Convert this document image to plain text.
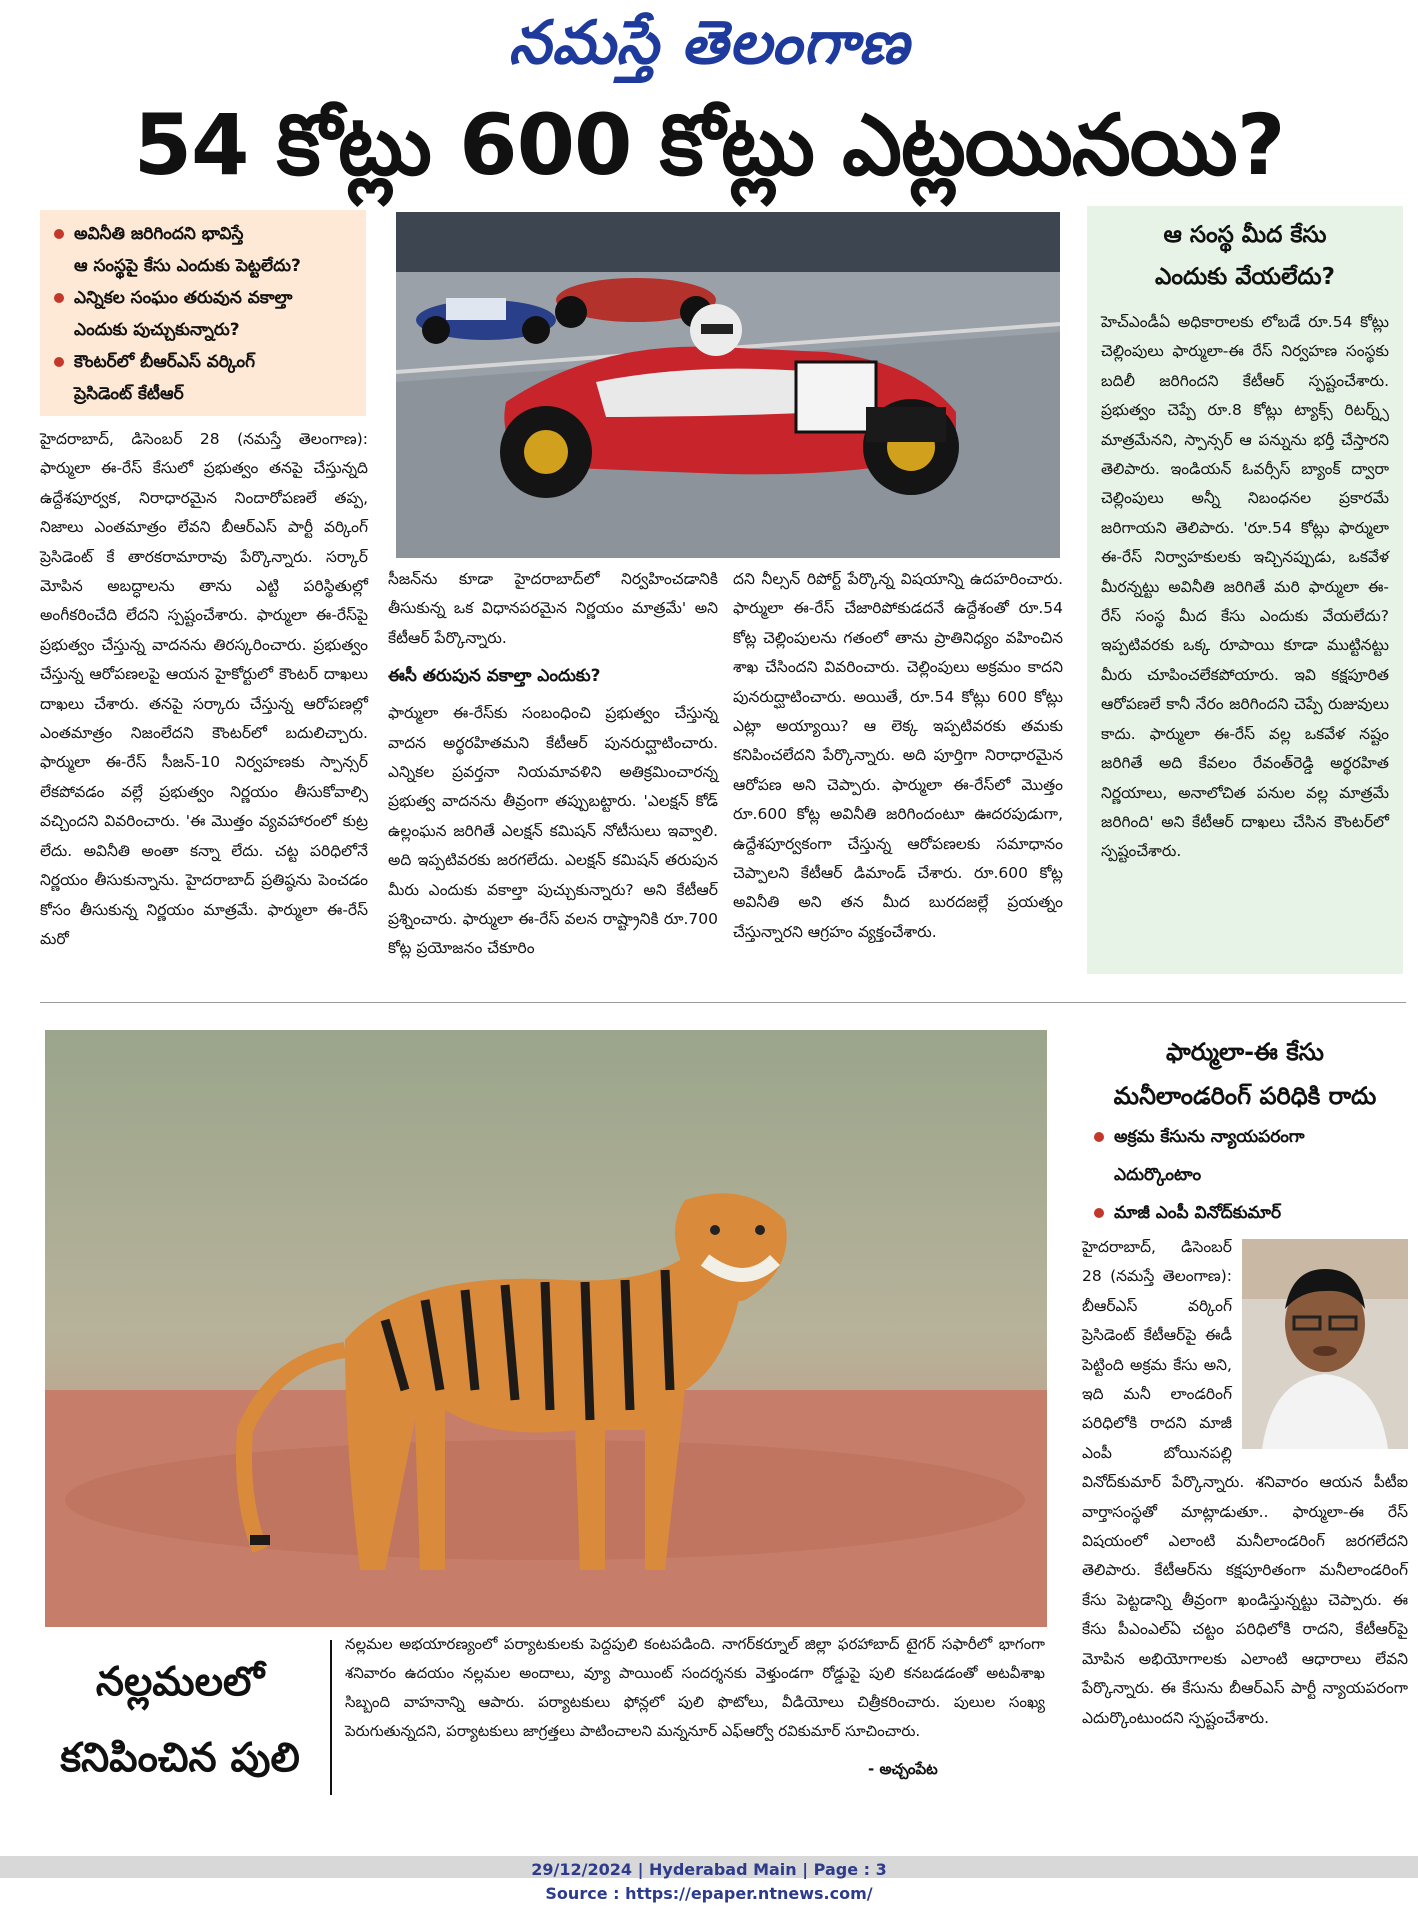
నమస్తే తెలంగాణ
54 కోట్లు 600 కోట్లు ఎట్లయినయి?
అవినీతి జరిగిందని భావిస్తే
ఆ సంస్థపై కేసు ఎందుకు పెట్టలేదు?
ఎన్నికల సంఘం తరువున వకాల్తా
ఎందుకు పుచ్చుకున్నారు?
కౌంటర్‌లో బీఆర్‌ఎస్ వర్కింగ్
ప్రెసిడెంట్ కేటీఆర్

హైదరాబాద్, డిసెంబర్ 28 (నమస్తే తెలంగాణ): ఫార్ములా ఈ-రేస్ కేసులో ప్రభుత్వం తనపై చేస్తున్నది ఉద్దేశపూర్వక, నిరాధారమైన నిందారోపణలే తప్ప, నిజాలు ఎంతమాత్రం లేవని బీఆర్‌ఎస్ పార్టీ వర్కింగ్ ప్రెసిడెంట్ కే తారకరామారావు పేర్కొన్నారు. సర్కార్ మోపిన అబద్ధాలను తాను ఎట్టి పరిస్థితుల్లో అంగీకరించేది లేదని స్పష్టంచేశారు. ఫార్ములా ఈ-రేస్‌పై ప్రభుత్వం చేస్తున్న వాదనను తిరస్కరించారు. ప్రభుత్వం చేస్తున్న ఆరోపణలపై ఆయన హైకోర్టులో కౌంటర్ దాఖలు దాఖలు చేశారు. తనపై సర్కారు చేస్తున్న ఆరోపణల్లో ఎంతమాత్రం నిజంలేదని కౌంటర్‌లో బదులిచ్చారు. ఫార్ములా ఈ-రేస్ సీజన్-10 నిర్వహణకు స్పాన్సర్ లేకపోవడం వల్లే ప్రభుత్వం నిర్ణయం తీసుకోవాల్సి వచ్చిందని వివరించారు. 'ఈ మొత్తం వ్యవహారంలో కుట్ర లేదు. అవినీతి అంతా కన్నా లేదు. చట్ట పరిధిలోనే నిర్ణయం తీసుకున్నాను. హైదరాబాద్ ప్రతిష్ఠను పెంచడం కోసం తీసుకున్న నిర్ణయం మాత్రమే. ఫార్ములా ఈ-రేస్ మరో

సీజన్‌ను కూడా హైదరాబాద్‌లో నిర్వహించడానికి తీసుకున్న ఒక విధానపరమైన నిర్ణయం మాత్రమే' అని కేటీఆర్ పేర్కొన్నారు.

ఈసీ తరుపున వకాల్తా ఎందుకు?

ఫార్ములా ఈ-రేస్‌కు సంబంధించి ప్రభుత్వం చేస్తున్న వాదన అర్థరహితమని కేటీఆర్ పునరుద్ఘాటించారు. ఎన్నికల ప్రవర్తనా నియమావళిని అతిక్రమించారన్న ప్రభుత్వ వాదనను తీవ్రంగా తప్పుబట్టారు. 'ఎలక్షన్ కోడ్ ఉల్లంఘన జరిగితే ఎలక్షన్ కమిషన్ నోటీసులు ఇవ్వాలి. అది ఇప్పటివరకు జరగలేదు. ఎలక్షన్ కమిషన్ తరుపున మీరు ఎందుకు వకాల్తా పుచ్చుకున్నారు? అని కేటీఆర్ ప్రశ్నించారు. ఫార్ములా ఈ-రేస్ వలన రాష్ట్రానికి రూ.700 కోట్ల ప్రయోజనం చేకూరిం

దని నీల్సన్ రిపోర్ట్ పేర్కొన్న విషయాన్ని ఉదహరించారు. ఫార్ములా ఈ-రేస్ చేజారిపోకుడదనే ఉద్దేశంతో రూ.54 కోట్ల చెల్లింపులను గతంలో తాను ప్రాతినిధ్యం వహించిన శాఖ చేసిందని వివరించారు. చెల్లింపులు అక్రమం కాదని పునరుద్ఘాటించారు. అయితే, రూ.54 కోట్లు 600 కోట్లు ఎట్లా అయ్యాయి? ఆ లెక్క ఇప్పటివరకు తమకు కనిపించలేదని పేర్కొన్నారు. అది పూర్తిగా నిరాధారమైన ఆరోపణ అని చెప్పారు. ఫార్ములా ఈ-రేస్‌లో మొత్తం రూ.600 కోట్ల అవినీతి జరిగిందంటూ ఊదరపుడుగా, ఉద్దేశపూర్వకంగా చేస్తున్న ఆరోపణలకు సమాధానం చెప్పాలని కేటీఆర్ డిమాండ్ చేశారు. రూ.600 కోట్ల అవినీతి అని తన మీద బురదజల్లే ప్రయత్నం చేస్తున్నారని ఆగ్రహం వ్యక్తంచేశారు.

ఆ సంస్థ మీద కేసు
ఎందుకు వేయలేదు?
హెచ్‌ఎండీఏ అధికారాలకు లోబడే రూ.54 కోట్లు చెల్లింపులు ఫార్ములా-ఈ రేస్ నిర్వహణ సంస్థకు బదిలీ జరిగిందని కేటీఆర్ స్పష్టంచేశారు. ప్రభుత్వం చెప్పే రూ.8 కోట్లు ట్యాక్స్ రిటర్న్స్ మాత్రమేనని, స్పాన్సర్ ఆ పన్నును భర్తీ చేస్తారని తెలిపారు. ఇండియన్ ఓవర్సీస్ బ్యాంక్ ద్వారా చెల్లింపులు అన్నీ నిబంధనల ప్రకారమే జరిగాయని తెలిపారు. 'రూ.54 కోట్లు ఫార్ములా ఈ-రేస్ నిర్వాహకులకు ఇచ్చినప్పుడు, ఒకవేళ మీరన్నట్టు అవినీతి జరిగితే మరి ఫార్ములా ఈ-రేస్ సంస్థ మీద కేసు ఎందుకు వేయలేదు? ఇప్పటివరకు ఒక్క రూపాయి కూడా ముట్టినట్టు మీరు చూపించలేకపోయారు. ఇవి కక్షపూరిత ఆరోపణలే కానీ నేరం జరిగిందని చెప్పే రుజువులు కాదు. ఫార్ములా ఈ-రేస్ వల్ల ఒకవేళ నష్టం జరిగితే అది కేవలం రేవంత్‌రెడ్డి అర్థరహిత నిర్ణయాలు, అనాలోచిత పనుల వల్ల మాత్రమే జరిగింది' అని కేటీఆర్ దాఖలు చేసిన కౌంటర్‌లో స్పష్టంచేశారు.
నల్లమలలో
కనిపించిన పులి
నల్లమల అభయారణ్యంలో పర్యాటకులకు పెద్దపులి కంటపడింది. నాగర్‌కర్నూల్ జిల్లా ఫరహాబాద్ టైగర్ సఫారీలో భాగంగా శనివారం ఉదయం నల్లమల అందాలు, వ్యూ పాయింట్ సందర్శనకు వెళ్తుండగా రోడ్డుపై పులి కనబడడంతో అటవీశాఖ సిబ్బంది వాహనాన్ని ఆపారు. పర్యాటకులు ఫోన్లలో పులి ఫొటోలు, వీడియోలు చిత్రీకరించారు. పులుల సంఖ్య పెరుగుతున్నదని, పర్యాటకులు జాగ్రత్తలు పాటించాలని మన్ననూర్ ఎఫ్‌ఆర్వో రవికుమార్ సూచించారు.
- అచ్చంపేట
ఫార్ములా-ఈ కేసు
మనీలాండరింగ్ పరిధికి రాదు
అక్రమ కేసును న్యాయపరంగా
ఎదుర్కొంటాం
మాజీ ఎంపీ వినోద్‌కుమార్
హైదరాబాద్, డిసెంబర్ 28 (నమస్తే తెలంగాణ): బీఆర్‌ఎస్ వర్కింగ్ ప్రెసిడెంట్ కేటీఆర్‌పై ఈడీ పెట్టింది అక్రమ కేసు అని, ఇది మనీ లాండరింగ్ పరిధిలోకి రాదని మాజీ ఎంపీ బోయినపల్లి వినోద్‌కుమార్ పేర్కొన్నారు. శనివారం ఆయన పీటీఐ వార్తాసంస్థతో మాట్లాడుతూ.. ఫార్ములా-ఈ రేస్ విషయంలో ఎలాంటి మనీలాండరింగ్ జరగలేదని తెలిపారు. కేటీఆర్‌ను కక్షపూరితంగా మనీలాండరింగ్ కేసు పెట్టడాన్ని తీవ్రంగా ఖండిస్తున్నట్టు చెప్పారు. ఈ కేసు పీఎంఎల్‌ఏ చట్టం పరిధిలోకి రాదని, కేటీఆర్‌పై మోపిన అభియోగాలకు ఎలాంటి ఆధారాలు లేవని పేర్కొన్నారు. ఈ కేసును బీఆర్‌ఎస్ పార్టీ న్యాయపరంగా ఎదుర్కొంటుందని స్పష్టంచేశారు.
29/12/2024 | Hyderabad Main | Page : 3
Source : https://epaper.ntnews.com/
